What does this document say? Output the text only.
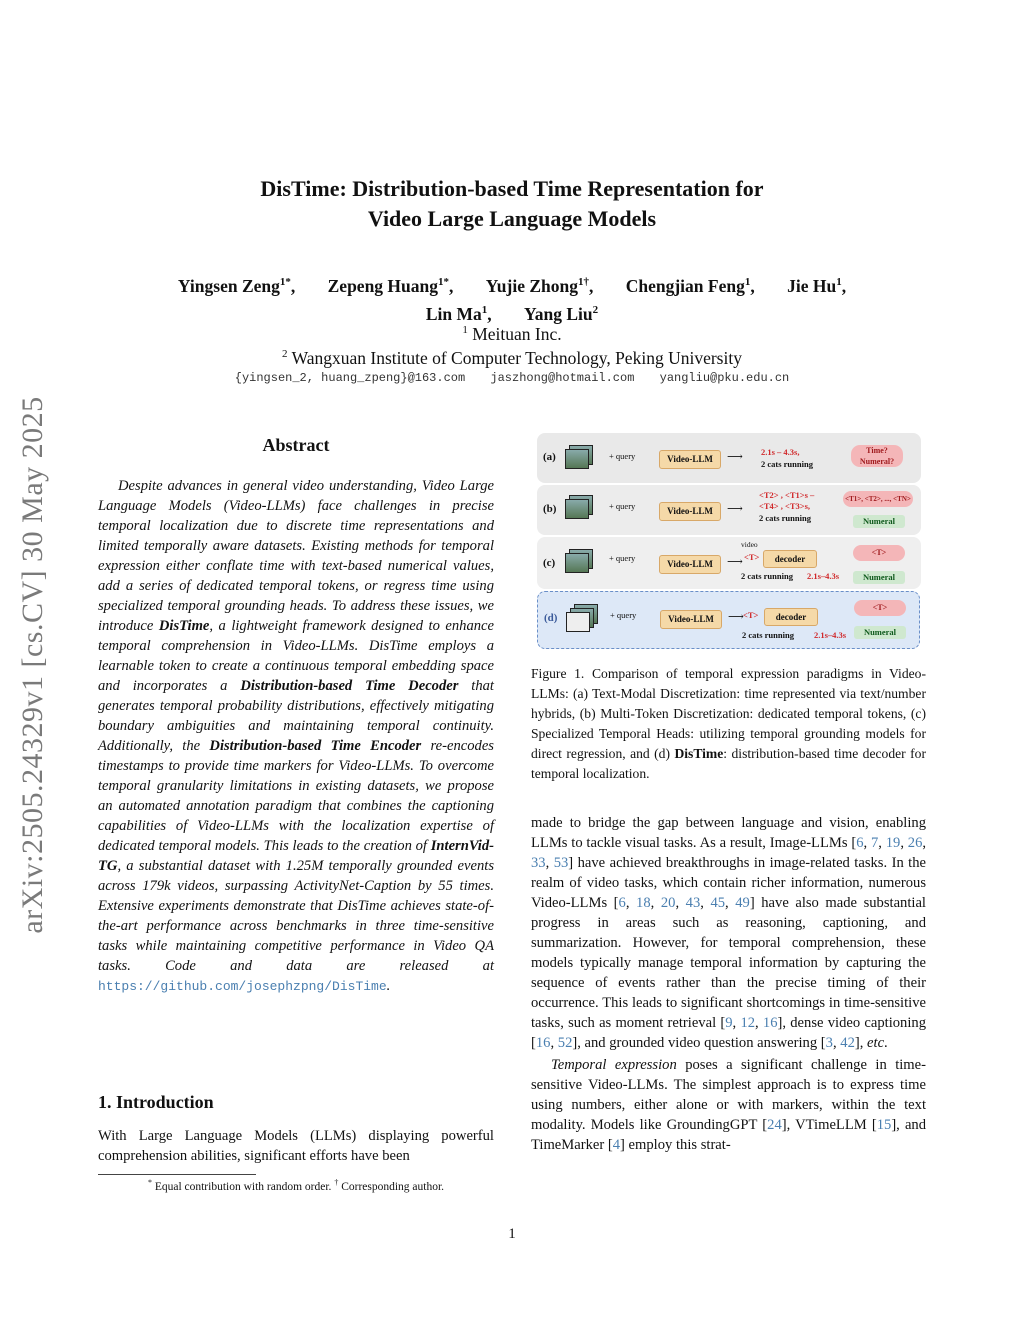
arXiv:2505.24329v1 [cs.CV] 30 May 2025
DisTime: Distribution-based Time Representation for
Video Large Language Models
Yingsen Zeng$^{1*}$, Zepeng Huang$^{1*}$, Yujie Zhong$^{1\dagger}$, Chengjian Feng$^1$, Jie Hu$^1$,
Lin Ma$^1$, Yang Liu$^2$
$^1$ Meituan Inc.
$^2$ Wangxuan Institute of Computer Technology, Peking University
{yingsen_2, huang_zpeng}@163.com jaszhong@hotmail.com yangliu@pku.edu.cn
Abstract

Despite advances in general video understanding, Video Large Language Models (Video-LLMs) face challenges in precise temporal localization due to discrete time representations and limited temporally aware datasets. Existing methods for temporal expression either conflate time with text-based numerical values, add a series of dedicated temporal tokens, or regress time using specialized temporal grounding heads. To address these issues, we introduce DisTime, a lightweight framework designed to enhance temporal comprehension in Video-LLMs. DisTime employs a learnable token to create a continuous temporal embedding space and incorporates a Distribution-based Time Decoder that generates temporal probability distributions, effectively mitigating boundary ambiguities and maintaining temporal continuity. Additionally, the Distribution-based Time Encoder re-encodes timestamps to provide time markers for Video-LLMs. To overcome temporal granularity limitations in existing datasets, we propose an automated annotation paradigm that combines the captioning capabilities of Video-LLMs with the localization expertise of dedicated temporal models. This leads to the creation of InternVid-TG, a substantial dataset with 1.25M temporally grounded events across 179k videos, surpassing ActivityNet-Caption by 55 times. Extensive experiments demonstrate that DisTime achieves state-of-the-art performance across benchmarks in three time-sensitive tasks while maintaining competitive performance in Video QA tasks. Code and data are released at https://github.com/josephzpng/DisTime.

1. Introduction
With Large Language Models (LLMs) displaying powerful comprehension abilities, significant efforts have been
* Equal contribution with random order. † Corresponding author.
(a)	+ query	Video-LLM	⟶ 2.1s – 4.3s,
2 cats running
Time? Numeral?
(b)	+ query	Video-LLM	⟶
<T2> , <T1>s –
<T4> , <T3>s,
2 cats running
<T1>, <T2>, ..., <TN>
Numeral
(c)	+ query
Video-LLM	⟶
video
<T>	decoder
2 cats running 2.1s–4.3s
<T>
Numeral
(d)	+ query	Video-LLM	⟶ <T>	decoder
2 cats running 2.1s–4.3s
<T>
Numeral
Figure 1. Comparison of temporal expression paradigms in Video-LLMs: (a) Text-Modal Discretization: time represented via text/number hybrids, (b) Multi-Token Discretization: dedicated temporal tokens, (c) Specialized Temporal Heads: utilizing temporal grounding models for direct regression, and (d) DisTime: distribution-based time decoder for temporal localization.

made to bridge the gap between language and vision, enabling LLMs to tackle visual tasks. As a result, Image-LLMs [6, 7, 19, 26, 33, 53] have achieved breakthroughs in image-related tasks. In the realm of video tasks, which contain richer information, numerous Video-LLMs [6, 18, 20, 43, 45, 49] have also made substantial progress in areas such as reasoning, captioning, and summarization. However, for temporal comprehension, these models typically manage temporal information by capturing the sequence of events rather than the precise timing of their occurrence. This leads to significant shortcomings in time-sensitive tasks, such as moment retrieval [9, 12, 16], dense video captioning [16, 52], and grounded video question answering [3, 42], etc.

Temporal expression poses a significant challenge in time-sensitive Video-LLMs. The simplest approach is to express time using numbers, either alone or with markers, within the text modality. Models like GroundingGPT [24], VTimeLLM [15], and TimeMarker [4] employ this strat-

1
